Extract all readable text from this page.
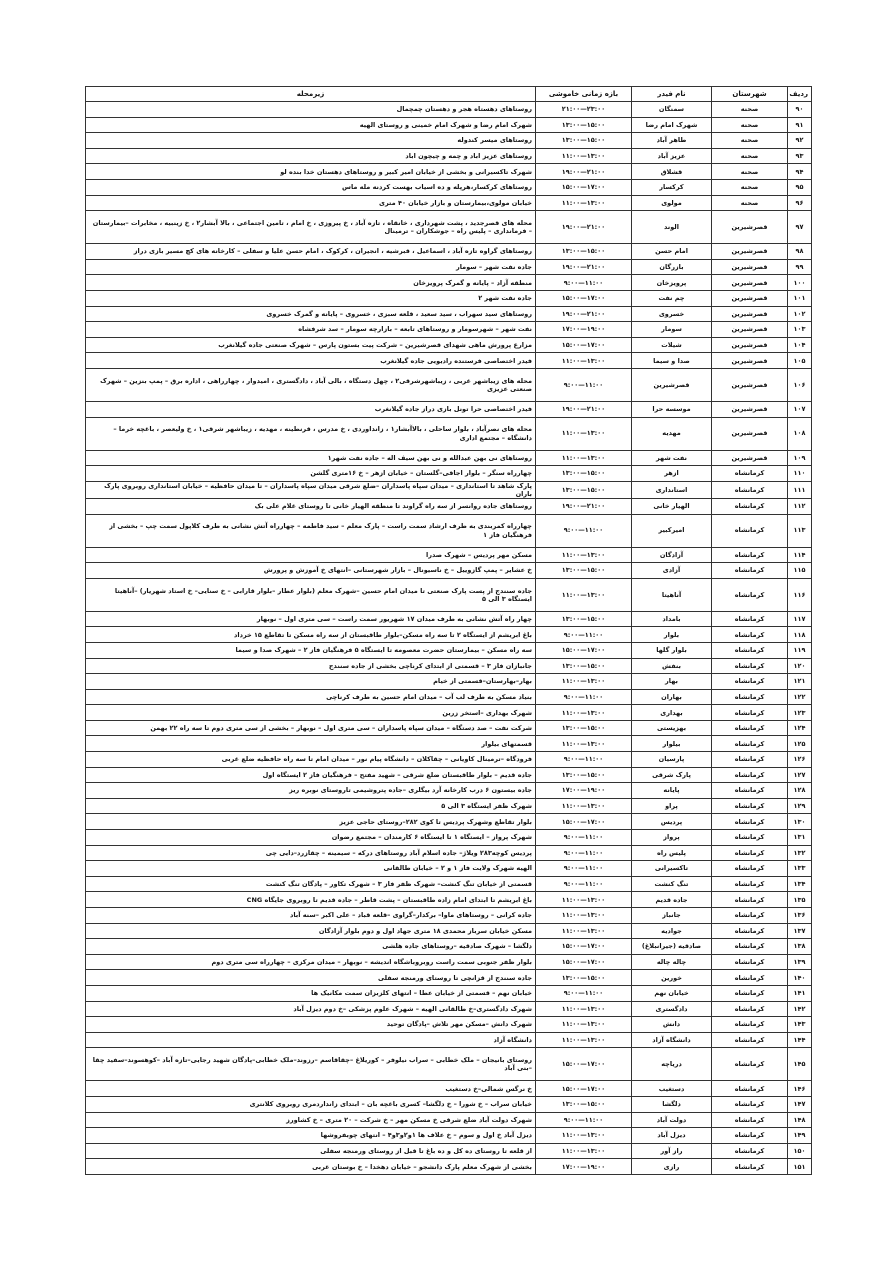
ردیف	شهرستان	نام فیدر	بازه زمانی خاموشی	زیرمحله
۹۰	صحنه	سمنگان	۲۳:۰۰—۲۱:۰۰	روستاهای دهستاه هجر و دهستان چمچمال
۹۱	صحنه	شهرک امام رضا	۱۵:۰۰—۱۳:۰۰	شهرک امام رضا و شهرک امام خمینی و روستای الهیه
۹۲	صحنه	طاهر آباد	۱۵:۰۰—۱۳:۰۰	روستاهای میسر کندوله
۹۳	صحنه	عزیز آباد	۱۳:۰۰—۱۱:۰۰	روستاهای عزیز اباد و چمه و چیچون اباد
۹۴	صحنه	قشلاق	۲۱:۰۰—۱۹:۰۰	شهرک تاکسیرانی و بخشی از خیابان امیر کبیر و روستاهای دهستان خدا بنده لو
۹۵	صحنه	کرکسار	۱۷:۰۰—۱۵:۰۰	روستاهای کرکسار،هرپله و ده اسیاب بهست کردنه مله ماس
۹۶	صحنه	مولوی	۱۳:۰۰—۱۱:۰۰	خیابان مولوی،بیمارستان و بازار خیابان ۴۰ متری
۹۷	قصرشیرین	الوند	۲۱:۰۰—۱۹:۰۰	محله های قصرجدید ، پشت شهرداری ، خانقاه ، تازه آباد ، خ پیروزی ، خ امام ، تامین اجتماعی ، بالا آبشار۲ ، خ زینبیه ، مخابرات –بیمارستان – فرمانداری – پلیس راه – جوشکاران – ترمینال
۹۸	قصرشیرین	امام حسن	۱۵:۰۰—۱۳:۰۰	روستاهای گراوه تازه آباد ، اسماعیل ، قبرشیه ، انجیران ، کرکوک ، امام حسن علیا و سفلی – کارخانه های کچ مسیر بازی دراز
۹۹	قصرشیرین	بازرگان	۲۱:۰۰—۱۹:۰۰	جاده نفت شهر – سومار
۱۰۰	قصرشیرین	پرویزخان	۱۱:۰۰—۹:۰۰	منطقه آزاد – پایانه و گمرک پرویزخان
۱۰۱	قصرشیرین	چم نفت	۱۷:۰۰—۱۵:۰۰	جاده نفت شهر ۲
۱۰۲	قصرشیرین	خسروی	۲۱:۰۰—۱۹:۰۰	روستاهای سید سهراب ، سید سعید ، قلعه سبزی ، خسروی – پایانه و گمرک خسروی
۱۰۳	قصرشیرین	سومار	۱۹:۰۰—۱۷:۰۰	نفت شهر – شهرسومار و روستاهای تابعه – بازارچه سومار – سد شرفشاه
۱۰۴	قصرشیرین	شیلات	۱۷:۰۰—۱۵:۰۰	مزارع پرورش ماهی شهدای قصرشیرین – شرکت پیت بستون پارس – شهرک صنعتی جاده گیلانغرب
۱۰۵	قصرشیرین	صدا و سیما	۱۳:۰۰—۱۱:۰۰	فیدر اختصاصی فرستنده رادیویی جاده گیلانغرب
۱۰۶	قصرشیرین	قصرشیرین	۱۱:۰۰—۹:۰۰	محله های زیباشهر غربی ، زیباشهرشرقی۲ ، چهل دستگاه ، بالی آباد ، دادگستری ، امیدوار ، چهارراهی ، اداره برق – پمپ بنزین – شهرک صنعتی عزیزی
۱۰۷	قصرشیرین	موسسه حرا	۲۱:۰۰—۱۹:۰۰	فیدر اختصاصی حرا تونل بازی دراز جاده گیلانغرب
۱۰۸	قصرشیرین	مهدیه	۱۳:۰۰—۱۱:۰۰	محله های نصرآباد ، بلوار ساحلی ، بالاآبشار۱ ، زانداوردی ، خ مدرس ، قرنطینه ، مهدیه ، زیباشهر شرقی۱ ، خ ولیعصر ، باغچه خرما – دانشگاه – مجتمع اداری
۱۰۹	قصرشیرین	نفت شهر	۱۳:۰۰—۱۱:۰۰	روستاهای نی بهن عبدالله و نی بهن سیف اله – جاده نفت شهر۱
۱۱۰	کرمانشاه	ازهر	۱۵:۰۰—۱۳:۰۰	چهارراه سنگر – بلوار اجاقی–گلستان – خیابان ازهر – خ ۱۶متری گلشن
۱۱۱	کرمانشاه	استانداری	۱۵:۰۰—۱۳:۰۰	پارک شاهد تا استانداری – میدان سپاه پاسداران –ضلع شرقی میدان سپاه پاسداران – تا میدان حافظیه – خیابان استانداری روبروی پارک باران
۱۱۲	کرمانشاه	الهیار خانی	۲۱:۰۰—۱۹:۰۰	روستاهای جاده روانسر از سه راه گراوند تا منطقه الهیار خانی تا روستای غلام علی بک
۱۱۳	کرمانشاه	امیرکبیر	۱۱:۰۰—۹:۰۰	چهارراه کمربندی به طرف ارشاد سمت راست – پارک معلم – سید فاطمه – چهارراه آتش نشانی به طرف کلاپول سمت چپ – بخشی از فرهنگیان فاز ۱
۱۱۴	کرمانشاه	آزادگان	۱۳:۰۰—۱۱:۰۰	مسکن مهر پردیس – شهرک صدرا
۱۱۵	کرمانشاه	آزادی	۱۵:۰۰—۱۳:۰۰	خ عشایر – پمپ گازوییل – خ ناسیونال – بازار شهرستانی –انتهای خ آموزش و پرورش
۱۱۶	کرمانشاه	آناهیتا	۱۳:۰۰—۱۱:۰۰	جاده سنندج از پست پارک صنعتی تا میدان امام حسین –شهرک معلم (بلوار عطار –بلوار قارابی – خ سنایی– خ استاد شهریار) –آناهیتا ایستگاه ۳ الی ۵
۱۱۷	کرمانشاه	بامداد	۱۵:۰۰—۱۳:۰۰	چهار راه آتش نشانی به طرف میدان ۱۷ شهریور سمت راست – سی متری اول – نوبهار
۱۱۸	کرمانشاه	بلوار	۱۱:۰۰—۹:۰۰	باغ ابریشم از ایستگاه ۲ تا سه راه مسکن–بلوار طاقبستان از سه راه مسکن تا تقاطع ۱۵ خرداد
۱۱۹	کرمانشاه	بلوار گلها	۱۷:۰۰—۱۵:۰۰	سه راه مسکن – بیمارستان حضرت معصومه تا ایستگاه ۵ فرهنگیان فاز ۲ – شهرک صدا و سیما
۱۲۰	کرمانشاه	بنفش	۱۵:۰۰—۱۳:۰۰	جانبازان فاز ۳ – قسمتی از ابتدای کرناچی بخشی از جاده سنندج
۱۲۱	کرمانشاه	بهار	۱۳:۰۰—۱۱:۰۰	بهار–بهارستان–قسمتی از خیام
۱۲۲	کرمانشاه	بهاران	۱۱:۰۰—۹:۰۰	بنیاد مسکن به طرف لب آب – میدان امام حسین به طرف کرناچی
۱۲۳	کرمانشاه	بهداری	۱۳:۰۰—۱۱:۰۰	شهرک بهداری –استخر زرین
۱۲۴	کرمانشاه	بهزیستی	۱۵:۰۰—۱۳:۰۰	شرکت نفت – صد دستگاه – میدان سپاه پاسداران – سی متری اول – نوبهار – بخشی از سی متری دوم تا سه راه ۲۲ بهمن
۱۲۵	کرمانشاه	بیلوار	۱۳:۰۰—۱۱:۰۰	قسمتهای بیلوار
۱۲۶	کرمانشاه	پارسیان	۱۱:۰۰—۹:۰۰	فرودگاه –ترمینال کاویانی – چقاکلان – دانشگاه پیام نور – میدان امام تا سه راه حافظیه ضلع غربی
۱۲۷	کرمانشاه	پارک شرقی	۱۵:۰۰—۱۳:۰۰	جاده قدیم – بلوار طاقبستان ضلع شرقی – شهید مفتح – فرهنگیان فاز ۲ ایستگاه اول
۱۲۸	کرمانشاه	پایانه	۱۹:۰۰—۱۷:۰۰	جاده بیستون ۶ درب کارخانه آرد بیگلری –جاده پتروشیمی تاروستای نوبره ریز
۱۲۹	کرمانشاه	پراو	۱۳:۰۰—۱۱:۰۰	شهرک ظفر ایستگاه ۳ الی ۵
۱۳۰	کرمانشاه	پردیس	۱۷:۰۰—۱۵:۰۰	بلوار تقاطع وشهرک پردیس تا کوی ۲۸۲–روستای حاجی عزیز
۱۳۱	کرمانشاه	پرواز	۱۱:۰۰—۹:۰۰	شهرک پرواز – ایستگاه ۱ تا ایستگاه ۶ کارمندان – مجتمع رضوان
۱۳۲	کرمانشاه	پلیس راه	۱۱:۰۰—۹:۰۰	پردیس کوچه۲۸۳ ویلاژ– جاده اسلام آباد روستاهای درکه – سیمینه – چقازرد–دایی چی
۱۳۳	کرمانشاه	تاکسیرانی	۱۱:۰۰—۹:۰۰	الهیه شهرک ولایت فاز ۱ و ۲ – خیابان طالقانی
۱۳۴	کرمانشاه	تنگ کنشت	۱۱:۰۰—۹:۰۰	قسمتی از خیابان تنگ کنشت– شهرک ظفر فاز ۳ – شهرک تکاور – پادگان تنگ کنشت
۱۳۵	کرمانشاه	جاده قدیم	۱۳:۰۰—۱۱:۰۰	باغ ابریشم تا ابتدای امام زاده طاقبستان – پشت قاطر – جاده قدیم تا روبروی جایگاه CNG
۱۳۶	کرمانشاه	جانباز	۱۳:۰۰—۱۱:۰۰	جاده کرانی – روستاهای ماوا– برکدار–گراوی –قلعه قباد – علی اکبر –سنه آباد
۱۳۷	کرمانشاه	جوادیه	۱۳:۰۰—۱۱:۰۰	مسکن خیابان سرباز محمدی ۱۸ متری جهاد اول و دوم بلوار آزادگان
۱۳۸	کرمانشاه	صادقیه (جیرانبلاغ)	۱۷:۰۰—۱۵:۰۰	دلگشا – شهرک صادقیه –روستاهای جاده هلشی
۱۳۹	کرمانشاه	چاله چاله	۱۷:۰۰—۱۵:۰۰	بلوار ظفر جنوبی سمت راست روبروباشگاه اندیشه – نوبهار – میدان مرکزی – چهارراه سی متری دوم
۱۴۰	کرمانشاه	خورین	۱۵:۰۰—۱۳:۰۰	جاده سنندج از قزانچی تا روستای ورمنجه سفلی
۱۴۱	کرمانشاه	خیابان نهم	۱۱:۰۰—۹:۰۰	خیابان نهم – قسمتی از خیابان عطا – انتهای کلزبزان سمت مکانیک ها
۱۴۲	کرمانشاه	دادگستری	۱۳:۰۰—۱۱:۰۰	شهرک دادگستری–خ طالقانی الهیه – شهرک علوم پزشکی –خ دوم دیزل آباد
۱۴۳	کرمانشاه	دانش	۱۳:۰۰—۱۱:۰۰	شهرک دانش –مسکن مهر تلاش –پادگان توحید
۱۴۴	کرمانشاه	دانشگاه آزاد	۱۳:۰۰—۱۱:۰۰	دانشگاه آزاد
۱۴۵	کرمانشاه	دریاچه	۱۷:۰۰—۱۵:۰۰	روستای بانیجان – ملک خطابی – سراب نیلوفر – کوریلاغ –چقاقاسم –رزوند–ملک خطابی–پادگان شهید رجایی–تازه آباد –کوهسوند–سفید چقا –بنی آباد
۱۴۶	کرمانشاه	دستغیب	۱۷:۰۰—۱۵:۰۰	خ نرگس شمالی–خ دستغیب
۱۴۷	کرمانشاه	دلگشا	۱۵:۰۰—۱۳:۰۰	خیابان سراب – خ شورا – خ دلگشا– کسری باغچه بان – ابتدای زانداردمری روبروی کلانتری
۱۴۸	کرمانشاه	دولت آباد	۱۱:۰۰—۹:۰۰	شهرک دولت آباد ضلع شرقی خ مسکن مهر – خ شرکت – ۲۰ متری – خ کشاورز
۱۴۹	کرمانشاه	دیزل آباد	۱۳:۰۰—۱۱:۰۰	دیزل آباد خ اول و سوم – خ علاف ها ۱و۲و۳و۴ – انتهای چوبفروشها
۱۵۰	کرمانشاه	راز آور	۱۳:۰۰—۱۱:۰۰	از قلعه تا روستای ده کل و ده باغ تا قبل از روستای ورمنجه سفلی
۱۵۱	کرمانشاه	رازی	۱۹:۰۰—۱۷:۰۰	بخشی از شهرک معلم پارک دانشجو – خیابان دهخدا – خ بوستان غربی
